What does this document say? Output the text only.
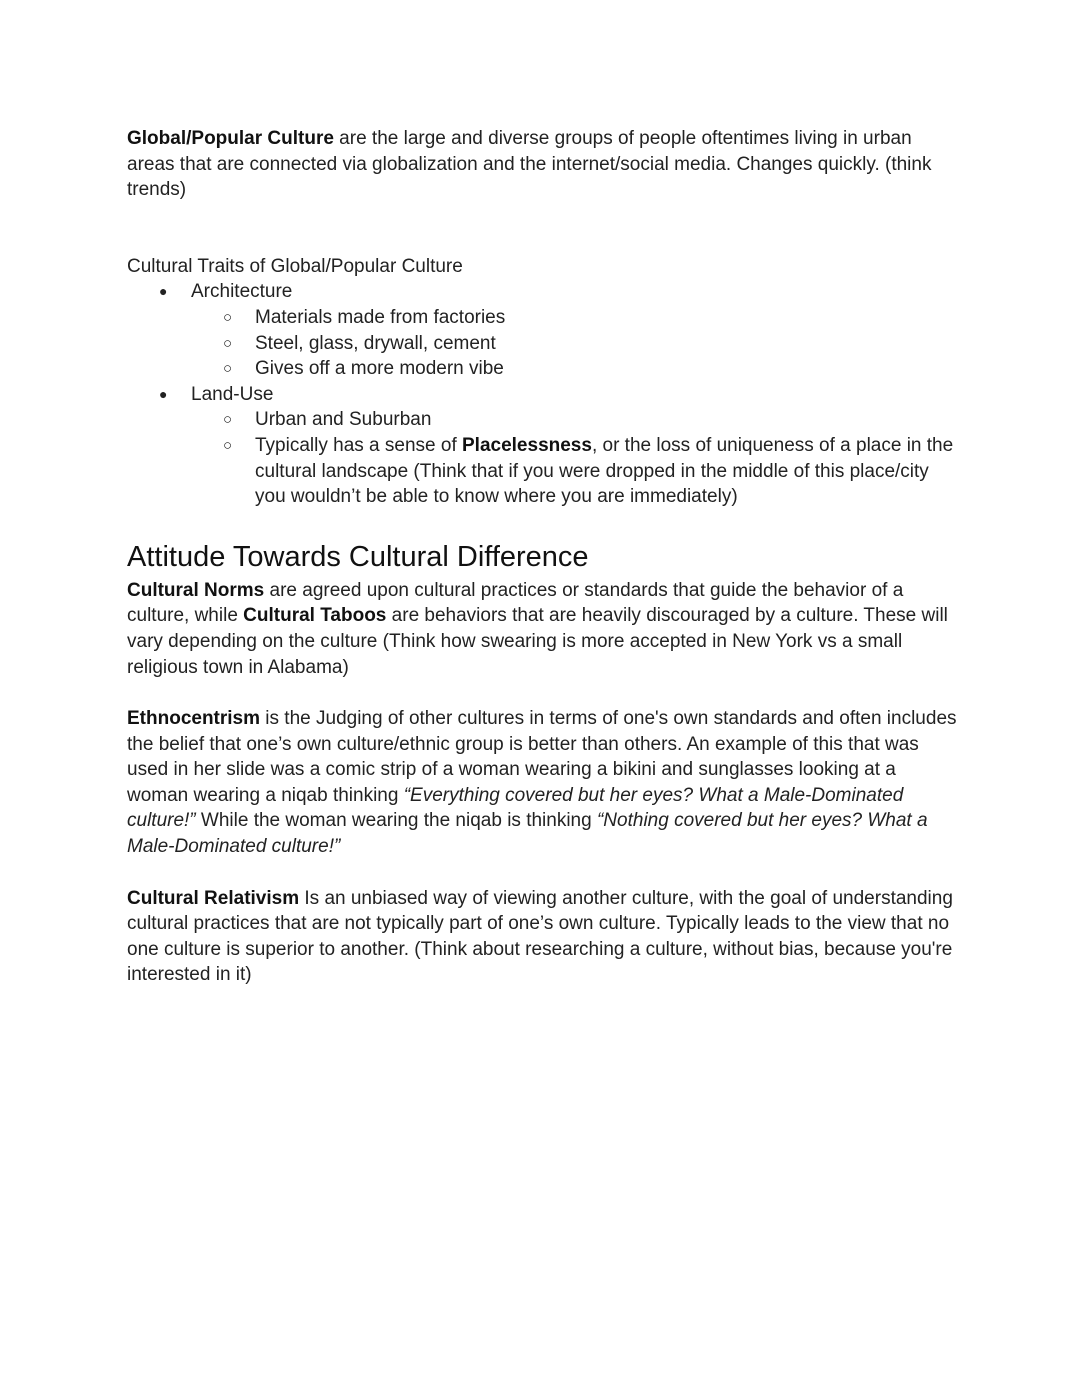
Global/Popular Culture are the large and diverse groups of people oftentimes living in urban areas that are connected via globalization and the internet/social media. Changes quickly. (think trends)

Cultural Traits of Global/Popular Culture

● Architecture
○ Materials made from factories
○ Steel, glass, drywall, cement
○ Gives off a more modern vibe
● Land-Use
○ Urban and Suburban
○ Typically has a sense of Placelessness, or the loss of uniqueness of a place in the cultural landscape (Think that if you were dropped in the middle of this place/city you wouldn’t be able to know where you are immediately)
Attitude Towards Cultural Difference

Cultural Norms are agreed upon cultural practices or standards that guide the behavior of a culture, while Cultural Taboos are behaviors that are heavily discouraged by a culture. These will vary depending on the culture (Think how swearing is more accepted in New York vs a small religious town in Alabama)

Ethnocentrism is the Judging of other cultures in terms of one's own standards and often includes the belief that one’s own culture/ethnic group is better than others. An example of this that was used in her slide was a comic strip of a woman wearing a bikini and sunglasses looking at a woman wearing a niqab thinking “Everything covered but her eyes? What a Male-Dominated culture!” While the woman wearing the niqab is thinking “Nothing covered but her eyes? What a Male-Dominated culture!”

Cultural Relativism Is an unbiased way of viewing another culture, with the goal of understanding cultural practices that are not typically part of one’s own culture. Typically leads to the view that no one culture is superior to another. (Think about researching a culture, without bias, because you're interested in it)
